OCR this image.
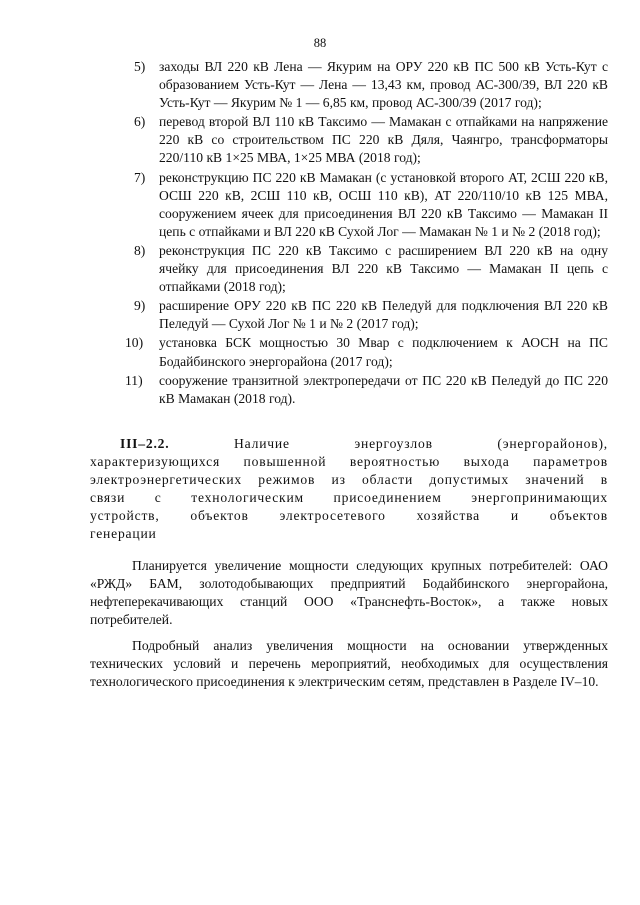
88
5) заходы ВЛ 220 кВ Лена — Якурим на ОРУ 220 кВ ПС 500 кВ Усть-Кут с образованием Усть-Кут — Лена — 13,43 км, провод АС-300/39, ВЛ 220 кВ Усть-Кут — Якурим № 1 — 6,85 км, провод АС-300/39 (2017 год);
6) перевод второй ВЛ 110 кВ Таксимо — Мамакан с отпайками на напряжение 220 кВ со строительством ПС 220 кВ Дяля, Чаянгро, трансформаторы 220/110 кВ 1×25 МВА, 1×25 МВА (2018 год);
7) реконструкцию ПС 220 кВ Мамакан (с установкой второго АТ, 2СШ 220 кВ, ОСШ 220 кВ, 2СШ 110 кВ, ОСШ 110 кВ), АТ 220/110/10 кВ 125 МВА, сооружением ячеек для присоединения ВЛ 220 кВ Таксимо — Мамакан II цепь с отпайками и ВЛ 220 кВ Сухой Лог — Мамакан № 1 и № 2 (2018 год);
8) реконструкция ПС 220 кВ Таксимо с расширением ВЛ 220 кВ на одну ячейку для присоединения ВЛ 220 кВ Таксимо — Мамакан II цепь с отпайками (2018 год);
9) расширение ОРУ 220 кВ ПС 220 кВ Пеледуй для подключения ВЛ 220 кВ Пеледуй — Сухой Лог № 1 и № 2 (2017 год);
10) установка БСК мощностью 30 Мвар с подключением к АОСН на ПС Бодайбинского энергорайона (2017 год);
11) сооружение транзитной электропередачи от ПС 220 кВ Пеледуй до ПС 220 кВ Мамакан (2018 год).

III–2.2.	Наличие энергоузлов (энергорайонов),

характеризующихся повышенной вероятностью выхода параметров

электроэнергетических режимов из области допустимых значений в

связи с технологическим присоединением энергопринимающих

устройств, объектов электросетевого хозяйства и объектов

генерации

Планируется увеличение мощности следующих крупных потребителей: ОАО «РЖД» БАМ, золотодобывающих предприятий Бодайбинского энергорайона, нефтеперекачивающих станций ООО «Транснефть-Восток», а также новых потребителей.

Подробный анализ увеличения мощности на основании утвержденных технических условий и перечень мероприятий, необходимых для осуществления технологического присоединения к электрическим сетям, представлен в Разделе IV–10.
